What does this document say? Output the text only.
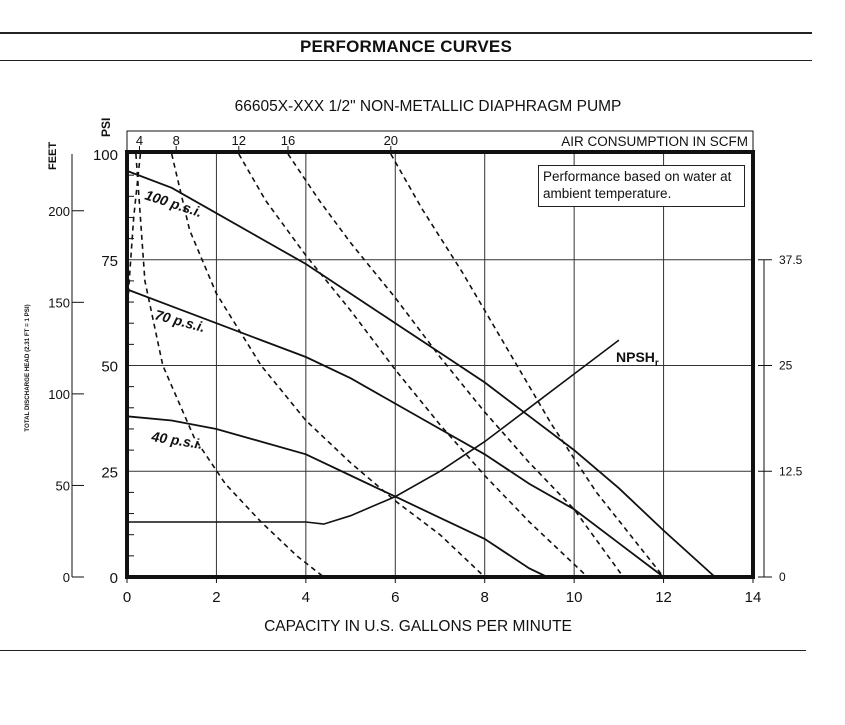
PERFORMANCE CURVES
66605X-XXX 1/2" NON-METALLIC DIAPHRAGM PUMP
AIR CONSUMPTION IN SCFM
4 8	12	16	20
0	2	4	6	8	10	12	14
0
25
50
75
100
0
50
100
150
200
0
12.5
25
37.5
FEET
PSI
TOTAL DISCHARGE HEAD (2.31 FT = 1 PSI)
CAPACITY IN U.S. GALLONS PER MINUTE
100 p.s.i.
70 p.s.i.
40 p.s.i.
$NPSH_r$
Performance based on water at ambient temperature.
